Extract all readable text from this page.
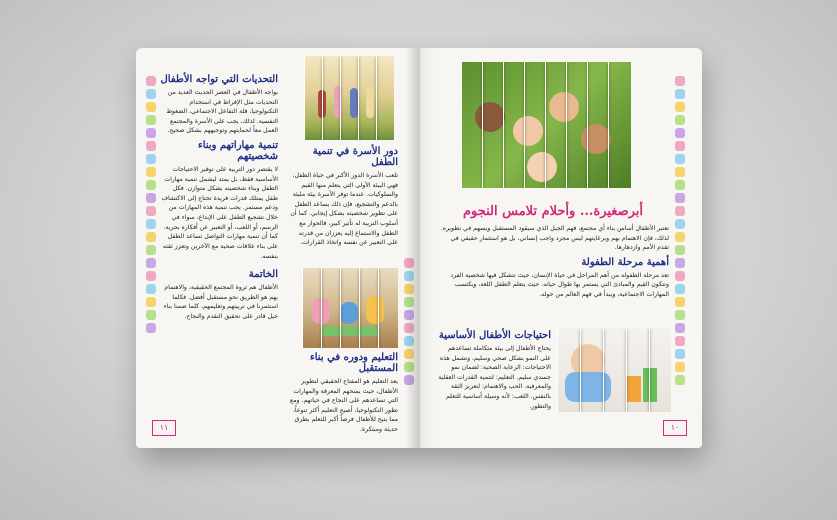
التحديات التي تواجه الأطفال

يواجه الأطفال في العصر الحديث العديد من التحديات مثل الإفراط في استخدام التكنولوجيا، قلة التفاعل الاجتماعي، الضغوط النفسية. لذلك، يجب على الأسرة والمجتمع العمل معاً لحمايتهم وتوجيههم بشكل صحيح.

تنمية مهاراتهم وبناء شخصيتهم

لا يقتصر دور التربية على توفير الاحتياجات الأساسية فقط، بل يمتد ليشمل تنمية مهارات الطفل وبناء شخصيته بشكل متوازن. فكل طفل يمتلك قدرات فريدة تحتاج إلى الاكتشاف ودعم مستمر. يجب تنمية هذه المهارات من خلال تشجيع الطفل على الإبداع، سواء في الرسم، أو اللعب، أو التعبير عن أفكاره بحرية. كما أن تنمية مهارات التواصل تساعد الطفل على بناء علاقات صحية مع الآخرين وتعزز ثقته بنفسه.

الخاتمة

الأطفال هم ثروة المجتمع الحقيقية، والاهتمام بهم هو الطريق نحو مستقبل أفضل. فكلما استثمرنا في تربيتهم وتعليمهم، كلما ضمنا بناء جيل قادر على تحقيق التقدم والنجاح.

دور الأسرة في تنمية الطفل

تلعب الأسرة الدور الأكبر في حياة الطفل، فهي البيئة الأولى التي يتعلم منها القيم والسلوكيات. عندما توفر الأسرة بيئة مليئة بالدعم والتشجيع، فإن ذلك يساعد الطفل على تطوير شخصيته بشكل إيجابي. كما أن أسلوب التربية له تأثير كبير، فالحوار مع الطفل والاستماع إليه يعززان من قدرته على التعبير عن نفسه واتخاذ القرارات.

التعليم ودوره في بناء المستقبل

يعد التعليم هو المفتاح الحقيقي لتطوير الأطفال، حيث يمنحهم المعرفة والمهارات التي تساعدهم على النجاح في حياتهم. ومع تطور التكنولوجيا، أصبح التعليم أكثر تنوعاً، مما يتيح للأطفال فرصاً أكبر للتعلم بطرق حديثة ومبتكرة.

١١
أبرصغيرة... وأحلام تلامس النجوم

تعتبر الأطفال أساس بناء أي مجتمع، فهم الجيل الذي سيقود المستقبل ويسهم في تطويره. لذلك، فإن الاهتمام بهم وبرعايتهم ليس مجرد واجب إنساني، بل هو استثمار حقيقي في تقدم الأمم وازدهارها.

أهمية مرحلة الطفولة

تعد مرحلة الطفولة من أهم المراحل في حياة الإنسان، حيث تتشكل فيها شخصية الفرد وتتكون القيم والمبادئ التي يستمر بها طوال حياته. حيث يتعلم الطفل اللغة، ويكتسب المهارات الاجتماعية، ويبدأ في فهم العالم من حوله.

احتياجات الأطفال الأساسية

يحتاج الأطفال إلى بيئة متكاملة تساعدهم على النمو بشكل صحي وسليم، وتشمل هذه الاحتياجات: الرعاية الصحية: لضمان نمو جسدي سليم. التعليم: لتنمية القدرات العقلية والمعرفية. الحب والاهتمام: لتعزيز الثقة بالنفس. اللعب: لأنه وسيلة أساسية للتعلم والتطور.

١٠
